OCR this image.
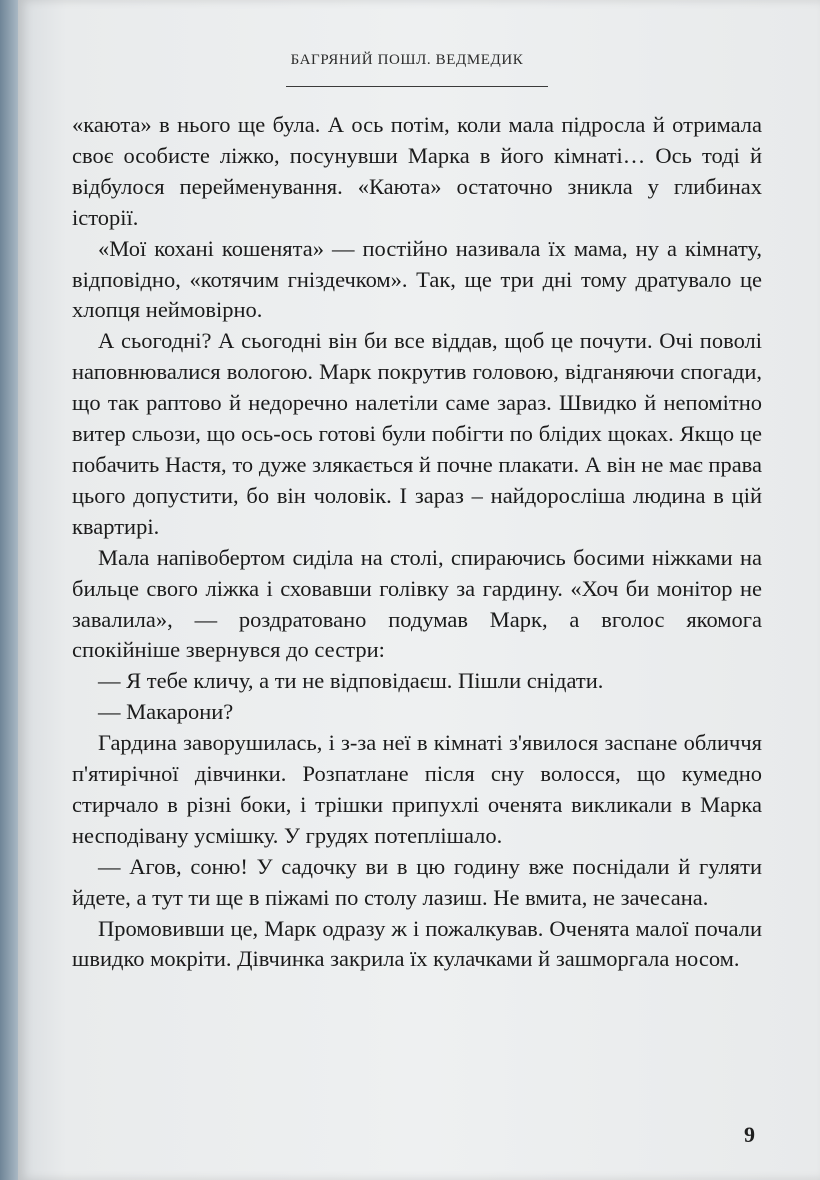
БАГРЯНИЙ ПОШЛ. ВЕДМЕДИК

«каюта» в нього ще була. А ось потім, коли мала підросла й отримала своє особисте ліжко, посунувши Марка в його кімнаті… Ось тоді й відбулося перейменування. «Каюта» остаточно зникла у глибинах історії.

«Мої кохані кошенята» — постійно називала їх мама, ну а кімнату, відповідно, «котячим гніздечком». Так, ще три дні тому дратувало це хлопця неймовірно.

А сьогодні? А сьогодні він би все віддав, щоб це почути. Очі поволі наповнювалися вологою. Марк покрутив головою, відганяючи спогади, що так раптово й недоречно налетіли саме зараз. Швидко й непомітно витер сльози, що ось-ось готові були побігти по блідих щоках. Якщо це побачить Настя, то дуже злякається й почне плакати. А він не має права цього допустити, бо він чоловік. І зараз – найдоросліша людина в цій квартирі.

Мала напівобертом сиділа на столі, спираючись босими ніжками на бильце свого ліжка і сховавши голівку за гардину. «Хоч би монітор не завалила», — роздратовано подумав Марк, а вголос якомога спокійніше звернувся до сестри:

— Я тебе кличу, а ти не відповідаєш. Пішли снідати.

— Макарони?

Гардина заворушилась, і з-за неї в кімнаті з'явилося заспане обличчя п'ятирічної дівчинки. Розпатлане після сну волосся, що кумедно стирчало в різні боки, і трішки припухлі оченята викликали в Марка несподівану усмішку. У грудях потеплішало.

— Агов, соню! У садочку ви в цю годину вже поснідали й гуляти йдете, а тут ти ще в піжамі по столу лазиш. Не вмита, не зачесана.

Промовивши це, Марк одразу ж і пожалкував. Оченята малої почали швидко мокріти. Дівчинка закрила їх кулачками й зашморгала носом.

9
